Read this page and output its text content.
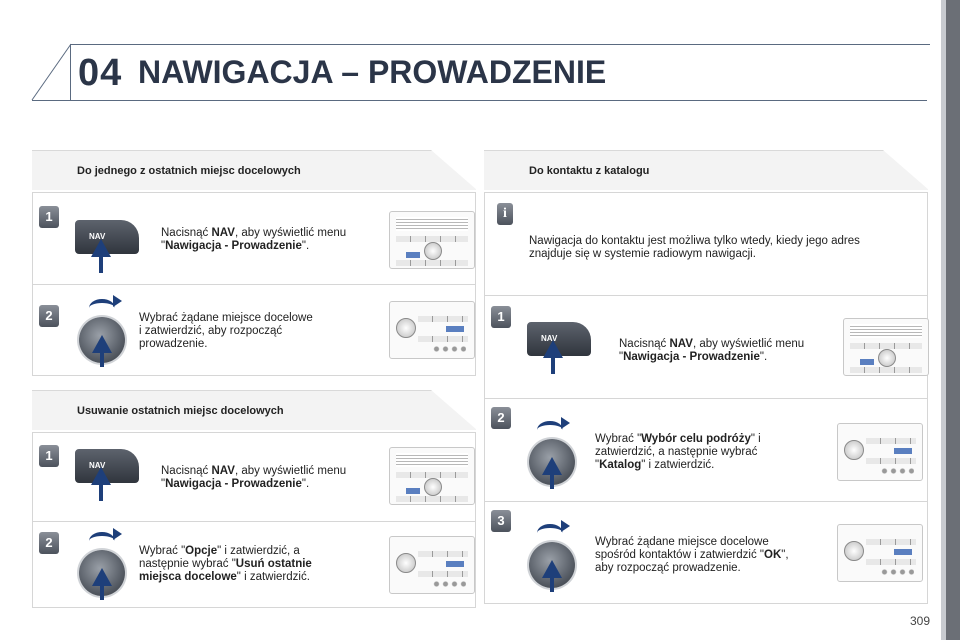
04 NAWIGACJA – PROWADZENIE
Do jednego z ostatnich miejsc docelowych
1
NAV	Nacisnąć NAV, aby wyświetlić menu
"Nawigacja - Prowadzenie".
2	Wybrać żądane miejsce docelowe
i zatwierdzić, aby rozpocząć
prowadzenie.
Usuwanie ostatnich miejsc docelowych
1
NAV	Nacisnąć NAV, aby wyświetlić menu
"Nawigacja - Prowadzenie".
2
Wybrać "Opcje" i zatwierdzić, a
następnie wybrać "Usuń ostatnie
miejsca docelowe" i zatwierdzić.
Do kontaktu z katalogu
i
Nawigacja do kontaktu jest możliwa tylko wtedy, kiedy jego adres
znajduje się w systemie radiowym nawigacji.
1
NAV	Nacisnąć NAV, aby wyświetlić menu
"Nawigacja - Prowadzenie".
2
Wybrać "Wybór celu podróży" i
zatwierdzić, a następnie wybrać
"Katalog" i zatwierdzić.
3
Wybrać żądane miejsce docelowe
spośród kontaktów i zatwierdzić "OK",
aby rozpocząć prowadzenie.
309
